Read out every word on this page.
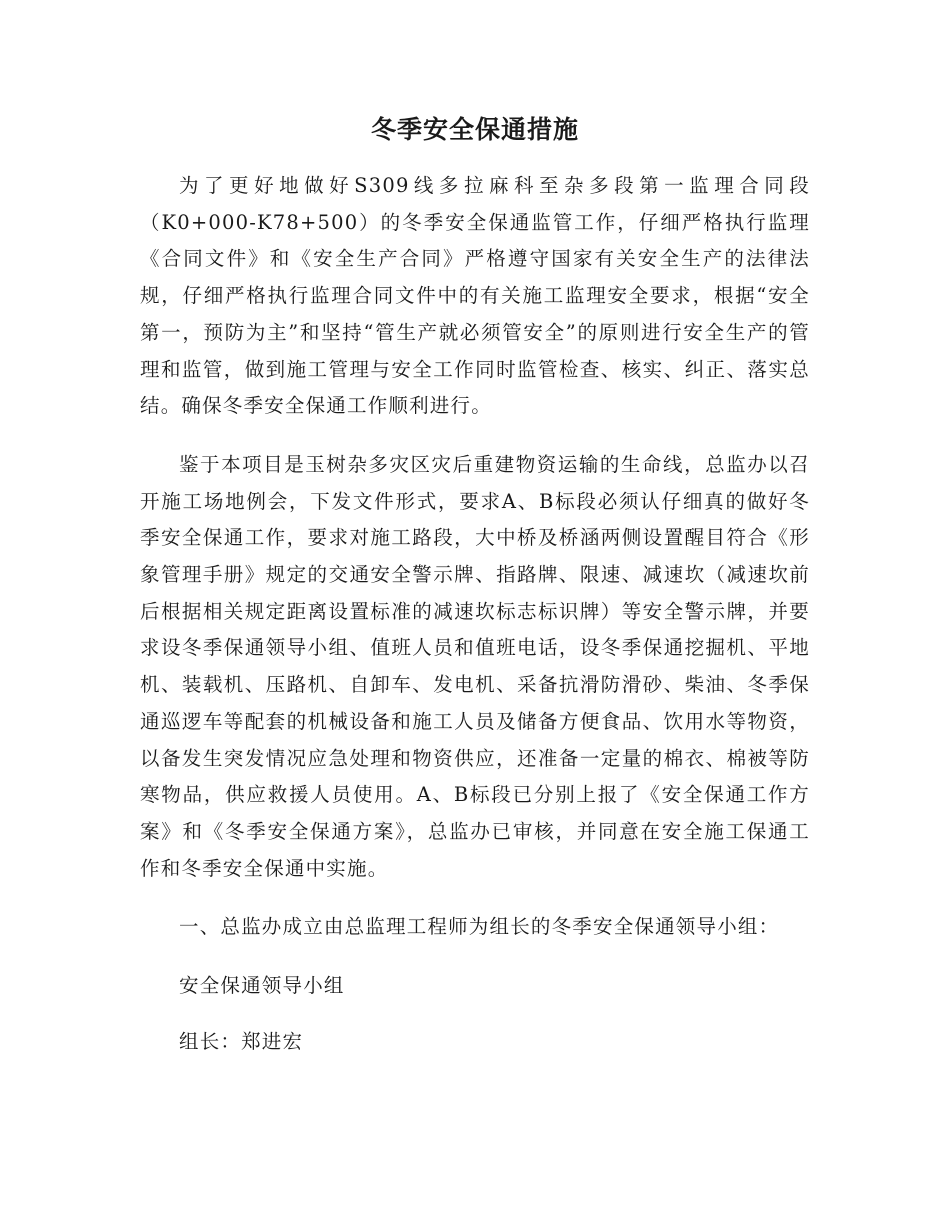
冬季安全保通措施

为了更好地做好S309线多拉麻科至杂多段第一监理合同段（K0+000-K78+500）的冬季安全保通监管工作，仔细严格执行监理《合同文件》和《安全生产合同》严格遵守国家有关安全生产的法律法规，仔细严格执行监理合同文件中的有关施工监理安全要求，根据“安全第一，预防为主”和坚持“管生产就必须管安全”的原则进行安全生产的管理和监管，做到施工管理与安全工作同时监管检查、核实、纠正、落实总结。确保冬季安全保通工作顺利进行。

鉴于本项目是玉树杂多灾区灾后重建物资运输的生命线，总监办以召开施工场地例会，下发文件形式，要求A、B标段必须认仔细真的做好冬季安全保通工作，要求对施工路段，大中桥及桥涵两侧设置醒目符合《形象管理手册》规定的交通安全警示牌、指路牌、限速、减速坎（减速坎前后根据相关规定距离设置标准的减速坎标志标识牌）等安全警示牌，并要求设冬季保通领导小组、值班人员和值班电话，设冬季保通挖掘机、平地机、装载机、压路机、自卸车、发电机、采备抗滑防滑砂、柴油、冬季保通巡逻车等配套的机械设备和施工人员及储备方便食品、饮用水等物资，以备发生突发情况应急处理和物资供应，还准备一定量的棉衣、棉被等防寒物品，供应救援人员使用。A、B标段已分别上报了《安全保通工作方案》和《冬季安全保通方案》，总监办已审核，并同意在安全施工保通工作和冬季安全保通中实施。

一、总监办成立由总监理工程师为组长的冬季安全保通领导小组：

安全保通领导小组
组长：郑进宏
